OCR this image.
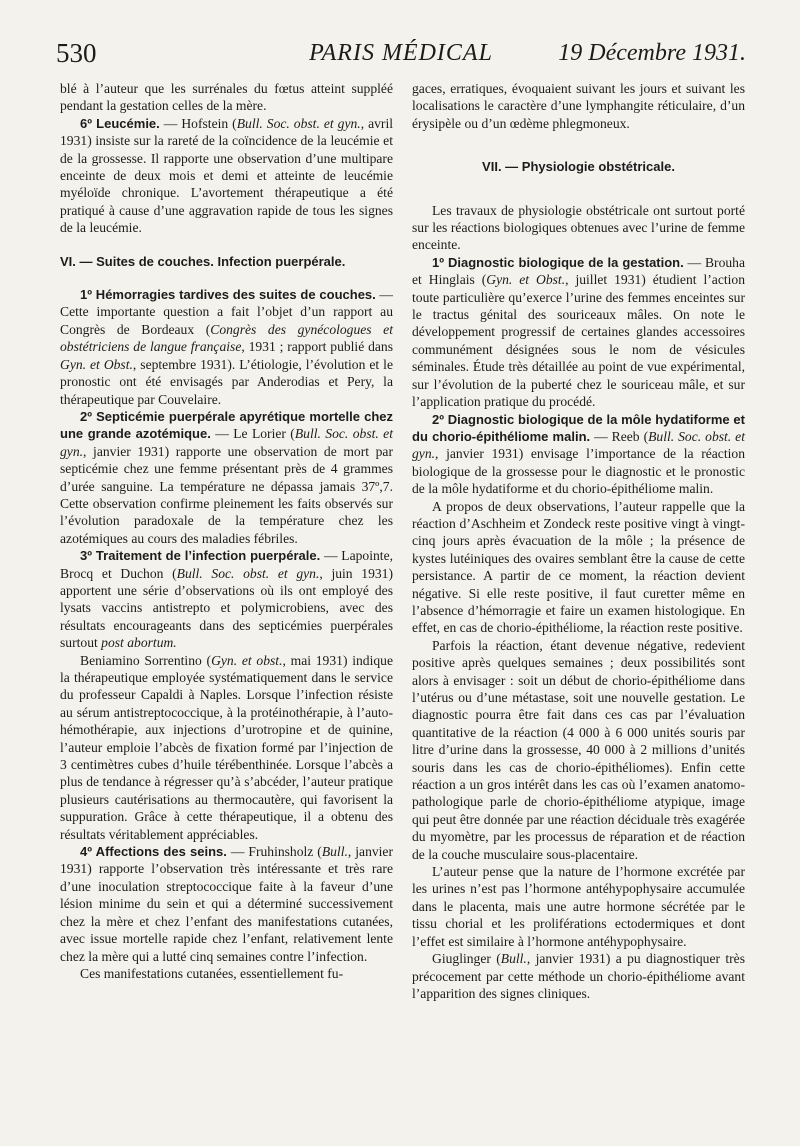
530	PARIS MÉDICAL	19 Décembre 1931.

blé à l’auteur que les surrénales du fœtus atteint suppléé pendant la gestation celles de la mère.

6º Leucémie. — Hofstein (Bull. Soc. obst. et gyn., avril 1931) insiste sur la rareté de la coïncidence de la leucémie et de la grossesse. Il rapporte une observation d’une multipare enceinte de deux mois et demi et atteinte de leucémie myéloïde chronique. L’avortement thérapeutique a été pratiqué à cause d’une aggravation rapide de tous les signes de la leucémie.

VI. — Suites de couches. Infection puerpérale.

1º Hémorragies tardives des suites de couches. — Cette importante question a fait l’objet d’un rapport au Congrès de Bordeaux (Congrès des gynécologues et obstétriciens de langue française, 1931 ; rapport publié dans Gyn. et Obst., septembre 1931). L’étiologie, l’évolution et le pronostic ont été envisagés par Anderodias et Pery, la thérapeutique par Couvelaire.

2º Septicémie puerpérale apyrétique mortelle chez une grande azotémique. — Le Lorier (Bull. Soc. obst. et gyn., janvier 1931) rapporte une observation de mort par septicémie chez une femme présentant près de 4 grammes d’urée sanguine. La température ne dépassa jamais 37º,7. Cette observation confirme pleinement les faits observés sur l’évolution paradoxale de la température chez les azotémiques au cours des maladies fébriles.

3º Traitement de l’infection puerpérale. — Lapointe, Brocq et Duchon (Bull. Soc. obst. et gyn., juin 1931) apportent une série d’observations où ils ont employé des lysats vaccins antistrepto et polymicrobiens, avec des résultats encourageants dans des septicémies puerpérales surtout post abortum.

Beniamino Sorrentino (Gyn. et obst., mai 1931) indique la thérapeutique employée systématiquement dans le service du professeur Capaldi à Naples. Lorsque l’infection résiste au sérum antistreptococcique, à la protéinothérapie, à l’auto-hémothérapie, aux injections d’urotropine et de quinine, l’auteur emploie l’abcès de fixation formé par l’injection de 3 centimètres cubes d’huile térébenthinée. Lorsque l’abcès a plus de tendance à régresser qu’à s’abcéder, l’auteur pratique plusieurs cautérisations au thermocautère, qui favorisent la suppuration. Grâce à cette thérapeutique, il a obtenu des résultats véritablement appréciables.

4º Affections des seins. — Fruhinsholz (Bull., janvier 1931) rapporte l’observation très intéressante et très rare d’une inoculation streptococcique faite à la faveur d’une lésion minime du sein et qui a déterminé successivement chez la mère et chez l’enfant des manifestations cutanées, avec issue mortelle rapide chez l’enfant, relativement lente chez la mère qui a lutté cinq semaines contre l’infection.

Ces manifestations cutanées, essentiellement fu-

gaces, erratiques, évoquaient suivant les jours et suivant les localisations le caractère d’une lymphangite réticulaire, d’un érysipèle ou d’un œdème phlegmoneux.

VII. — Physiologie obstétricale.

Les travaux de physiologie obstétricale ont surtout porté sur les réactions biologiques obtenues avec l’urine de femme enceinte.

1º Diagnostic biologique de la gestation. — Brouha et Hinglais (Gyn. et Obst., juillet 1931) étudient l’action toute particulière qu’exerce l’urine des femmes enceintes sur le tractus génital des souriceaux mâles. On note le développement progressif de certaines glandes accessoires communément désignées sous le nom de vésicules séminales. Étude très détaillée au point de vue expérimental, sur l’évolution de la puberté chez le souriceau mâle, et sur l’application pratique du procédé.

2º Diagnostic biologique de la môle hydatiforme et du chorio-épithéliome malin. — Reeb (Bull. Soc. obst. et gyn., janvier 1931) envisage l’importance de la réaction biologique de la grossesse pour le diagnostic et le pronostic de la môle hydatiforme et du chorio-épithéliome malin.

A propos de deux observations, l’auteur rappelle que la réaction d’Aschheim et Zondeck reste positive vingt à vingt-cinq jours après évacuation de la môle ; la présence de kystes lutéiniques des ovaires semblant être la cause de cette persistance. A partir de ce moment, la réaction devient négative. Si elle reste positive, il faut curetter même en l’absence d’hémorragie et faire un examen histologique. En effet, en cas de chorio-épithéliome, la réaction reste positive.

Parfois la réaction, étant devenue négative, redevient positive après quelques semaines ; deux possibilités sont alors à envisager : soit un début de chorio-épithéliome dans l’utérus ou d’une métastase, soit une nouvelle gestation. Le diagnostic pourra être fait dans ces cas par l’évaluation quantitative de la réaction (4 000 à 6 000 unités souris par litre d’urine dans la grossesse, 40 000 à 2 millions d’unités souris dans les cas de chorio-épithéliomes). Enfin cette réaction a un gros intérêt dans les cas où l’examen anatomo-pathologique parle de chorio-épithéliome atypique, image qui peut être donnée par une réaction déciduale très exagérée du myomètre, par les processus de réparation et de réaction de la couche musculaire sous-placentaire.

L’auteur pense que la nature de l’hormone excrétée par les urines n’est pas l’hormone antéhypophysaire accumulée dans le placenta, mais une autre hormone sécrétée par le tissu chorial et les proliférations ectodermiques et dont l’effet est similaire à l’hormone antéhypophysaire.

Giuglinger (Bull., janvier 1931) a pu diagnostiquer très précocement par cette méthode un chorio-épithéliome avant l’apparition des signes cliniques.
